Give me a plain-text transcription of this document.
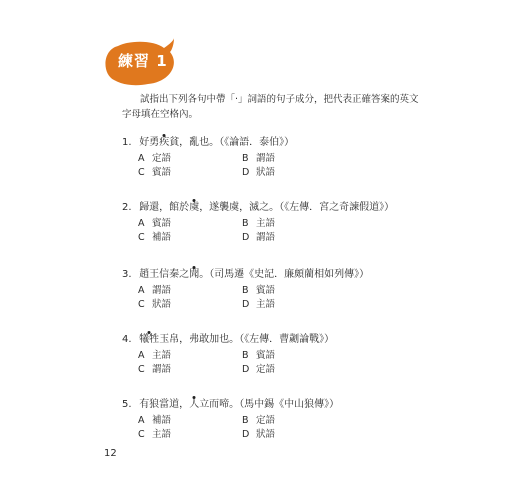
練習 1
試指出下列各句中帶「‧」詞語的句子成分，把代表正確答案的英文字母填在空格內。
1. 好勇疾貧，亂也。（《論語．泰伯》）
A 定語	B 謂語
C 賓語	D 狀語
2. 歸還，館於虞，遂襲虞，滅之。（《左傳．宮之奇諫假道》）
A 賓語	B 主語
C 補語	D 謂語
3. 趙王信秦之聞。（司馬遷《史記．廉頗藺相如列傳》）
A 謂語	B 賓語
C 狀語	D 主語
4. 犧牲玉帛，弗敢加也。（《左傳．曹劌論戰》）
A 主語	B 賓語
C 謂語	D 定語
5. 有狼當道，人立而啼。（馬中錫《中山狼傳》）
A 補語	B 定語
C 主語	D 狀語
12
